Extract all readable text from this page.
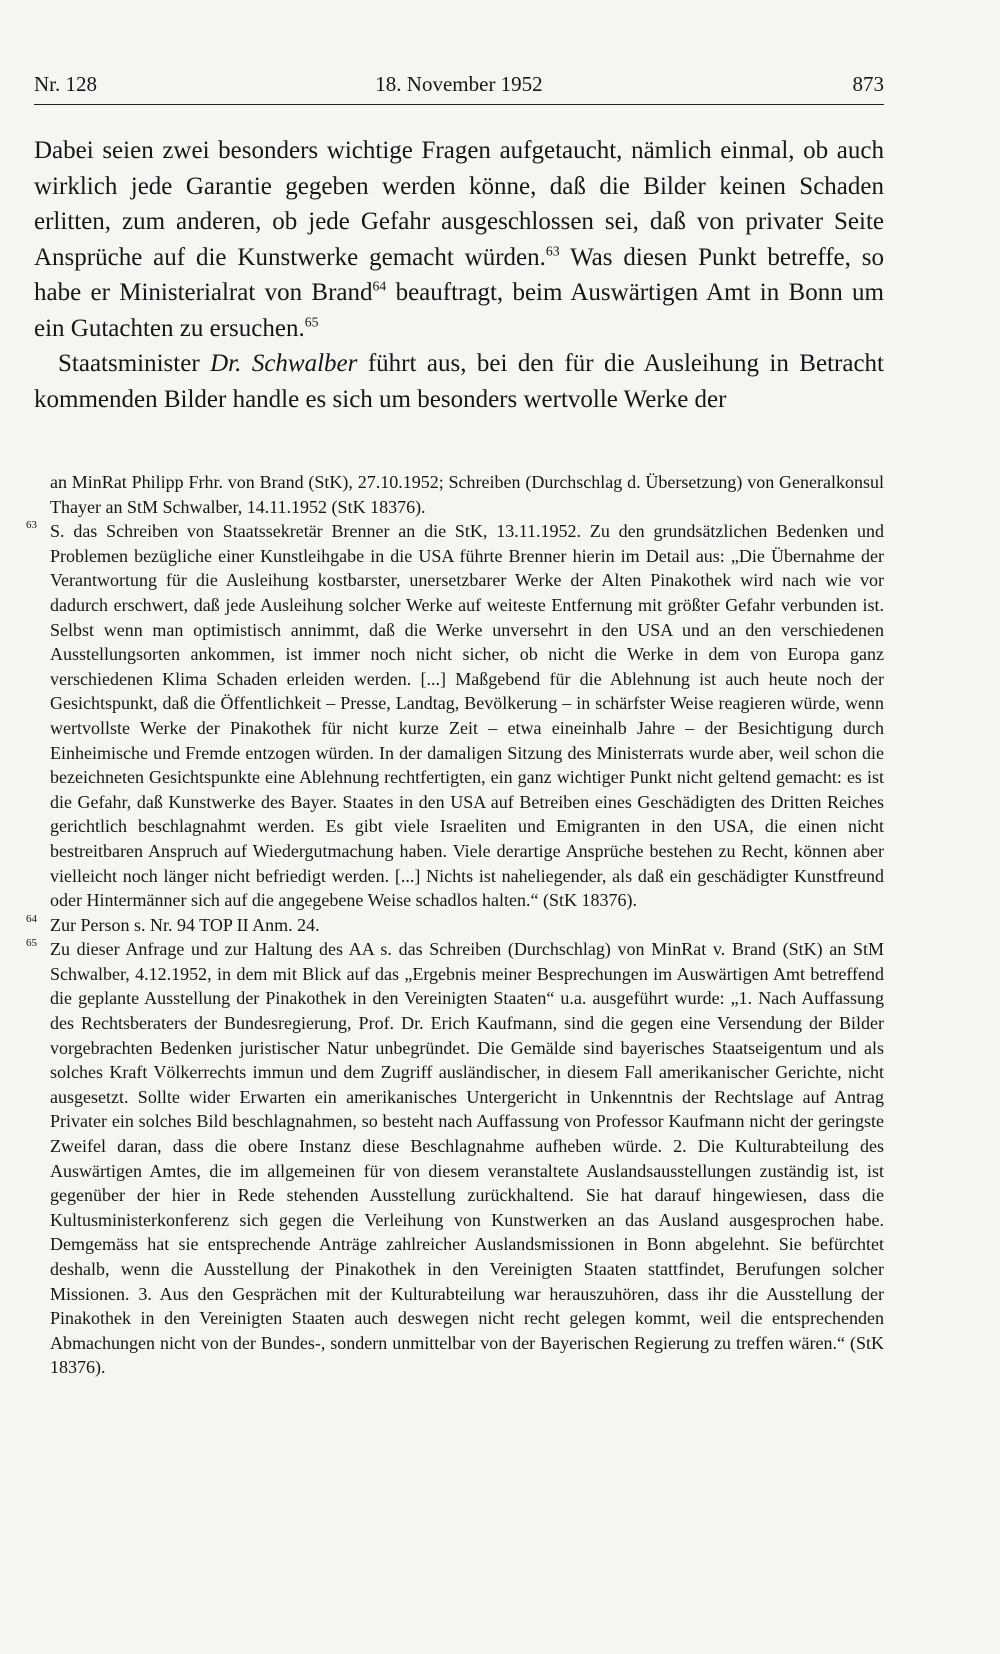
Nr. 128	18. November 1952	873

Dabei seien zwei besonders wichtige Fragen aufgetaucht, nämlich einmal, ob auch wirklich jede Garantie gegeben werden könne, daß die Bilder keinen Schaden erlitten, zum anderen, ob jede Gefahr ausgeschlossen sei, daß von privater Seite Ansprüche auf die Kunstwerke gemacht würden.$^{63}$ Was diesen Punkt betreffe, so habe er Ministerialrat von Brand$^{64}$ beauftragt, beim Auswärtigen Amt in Bonn um ein Gutachten zu ersuchen.$^{65}$

Staatsminister Dr. Schwalber führt aus, bei den für die Ausleihung in Betracht kommenden Bilder handle es sich um besonders wertvolle Werke der

an MinRat Philipp Frhr. von Brand (StK), 27.10.1952; Schreiben (Durchschlag d. Übersetzung) von Generalkonsul Thayer an StM Schwalber, 14.11.1952 (StK 18376).

63 S. das Schreiben von Staatssekretär Brenner an die StK, 13.11.1952. Zu den grundsätzlichen Bedenken und Problemen bezügliche einer Kunstleihgabe in die USA führte Brenner hierin im Detail aus: „Die Übernahme der Verantwortung für die Ausleihung kostbarster, unersetzbarer Werke der Alten Pinakothek wird nach wie vor dadurch erschwert, daß jede Ausleihung solcher Werke auf weiteste Entfernung mit größter Gefahr verbunden ist. Selbst wenn man optimistisch annimmt, daß die Werke unversehrt in den USA und an den verschiedenen Ausstellungsorten ankommen, ist immer noch nicht sicher, ob nicht die Werke in dem von Europa ganz verschiedenen Klima Schaden erleiden werden. [...] Maßgebend für die Ablehnung ist auch heute noch der Gesichtspunkt, daß die Öffentlichkeit – Presse, Landtag, Bevölkerung – in schärfster Weise reagieren würde, wenn wertvollste Werke der Pinakothek für nicht kurze Zeit – etwa eineinhalb Jahre – der Besichtigung durch Einheimische und Fremde entzogen würden. In der damaligen Sitzung des Ministerrats wurde aber, weil schon die bezeichneten Gesichtspunkte eine Ablehnung rechtfertigten, ein ganz wichtiger Punkt nicht geltend gemacht: es ist die Gefahr, daß Kunstwerke des Bayer. Staates in den USA auf Betreiben eines Geschädigten des Dritten Reiches gerichtlich beschlagnahmt werden. Es gibt viele Israeliten und Emigranten in den USA, die einen nicht bestreitbaren Anspruch auf Wiedergutmachung haben. Viele derartige Ansprüche bestehen zu Recht, können aber vielleicht noch länger nicht befriedigt werden. [...] Nichts ist naheliegender, als daß ein geschädigter Kunstfreund oder Hintermänner sich auf die angegebene Weise schadlos halten.“ (StK 18376).

64 Zur Person s. Nr. 94 TOP II Anm. 24.

65 Zu dieser Anfrage und zur Haltung des AA s. das Schreiben (Durchschlag) von MinRat v. Brand (StK) an StM Schwalber, 4.12.1952, in dem mit Blick auf das „Ergebnis meiner Besprechungen im Auswärtigen Amt betreffend die geplante Ausstellung der Pinakothek in den Vereinigten Staaten“ u.a. ausgeführt wurde: „1. Nach Auffassung des Rechtsberaters der Bundesregierung, Prof. Dr. Erich Kaufmann, sind die gegen eine Versendung der Bilder vorgebrachten Bedenken juristischer Natur unbegründet. Die Gemälde sind bayerisches Staatseigentum und als solches Kraft Völkerrechts immun und dem Zugriff ausländischer, in diesem Fall amerikanischer Gerichte, nicht ausgesetzt. Sollte wider Erwarten ein amerikanisches Untergericht in Unkenntnis der Rechtslage auf Antrag Privater ein solches Bild beschlagnahmen, so besteht nach Auffassung von Professor Kaufmann nicht der geringste Zweifel daran, dass die obere Instanz diese Beschlagnahme aufheben würde. 2. Die Kulturabteilung des Auswärtigen Amtes, die im allgemeinen für von diesem veranstaltete Auslandsausstellungen zuständig ist, ist gegenüber der hier in Rede stehenden Ausstellung zurückhaltend. Sie hat darauf hingewiesen, dass die Kultusministerkonferenz sich gegen die Verleihung von Kunstwerken an das Ausland ausgesprochen habe. Demgemäss hat sie entsprechende Anträge zahlreicher Auslandsmissionen in Bonn abgelehnt. Sie befürchtet deshalb, wenn die Ausstellung der Pinakothek in den Vereinigten Staaten stattfindet, Berufungen solcher Missionen. 3. Aus den Gesprächen mit der Kulturabteilung war herauszuhören, dass ihr die Ausstellung der Pinakothek in den Vereinigten Staaten auch deswegen nicht recht gelegen kommt, weil die entsprechenden Abmachungen nicht von der Bundes-, sondern unmittelbar von der Bayerischen Regierung zu treffen wären.“ (StK 18376).
